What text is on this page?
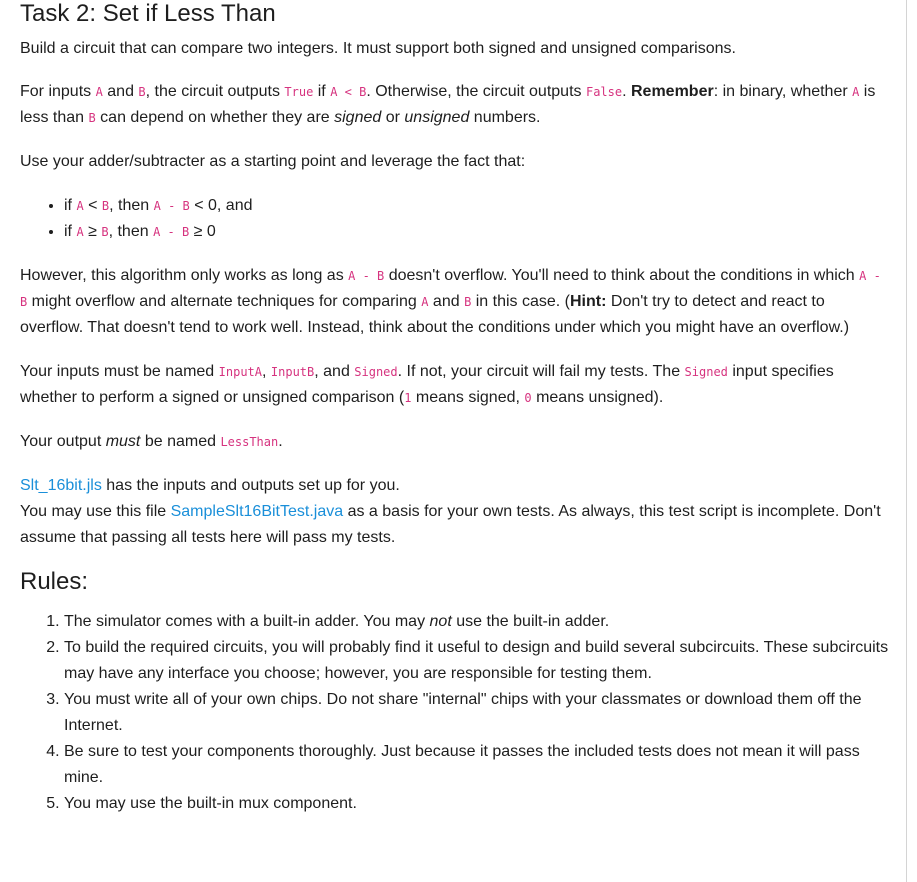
Task 2: Set if Less Than

Build a circuit that can compare two integers. It must support both signed and unsigned comparisons.

For inputs A and B, the circuit outputs True if A < B. Otherwise, the circuit outputs False. Remember: in binary, whether A is less than B can depend on whether they are signed or unsigned numbers.

Use your adder/subtracter as a starting point and leverage the fact that:

• if A < B, then A - B < 0, and
• if A ≥ B, then A - B ≥ 0

However, this algorithm only works as long as A - B doesn't overflow. You'll need to think about the conditions in which A - B might overflow and alternate techniques for comparing A and B in this case. (Hint: Don't try to detect and react to overflow. That doesn't tend to work well. Instead, think about the conditions under which you might have an overflow.)

Your inputs must be named InputA, InputB, and Signed. If not, your circuit will fail my tests. The Signed input specifies whether to perform a signed or unsigned comparison (1 means signed, 0 means unsigned).

Your output must be named LessThan.

Slt_16bit.jls has the inputs and outputs set up for you.
You may use this file SampleSlt16BitTest.java as a basis for your own tests. As always, this test script is incomplete. Don't assume that passing all tests here will pass my tests.

Rules:
1. The simulator comes with a built-in adder. You may not use the built-in adder.
2. To build the required circuits, you will probably find it useful to design and build several subcircuits. These subcircuits may have any interface you choose; however, you are responsible for testing them.
3. You must write all of your own chips. Do not share "internal" chips with your classmates or download them off the Internet.
4. Be sure to test your components thoroughly. Just because it passes the included tests does not mean it will pass mine.
5. You may use the built-in mux component.
